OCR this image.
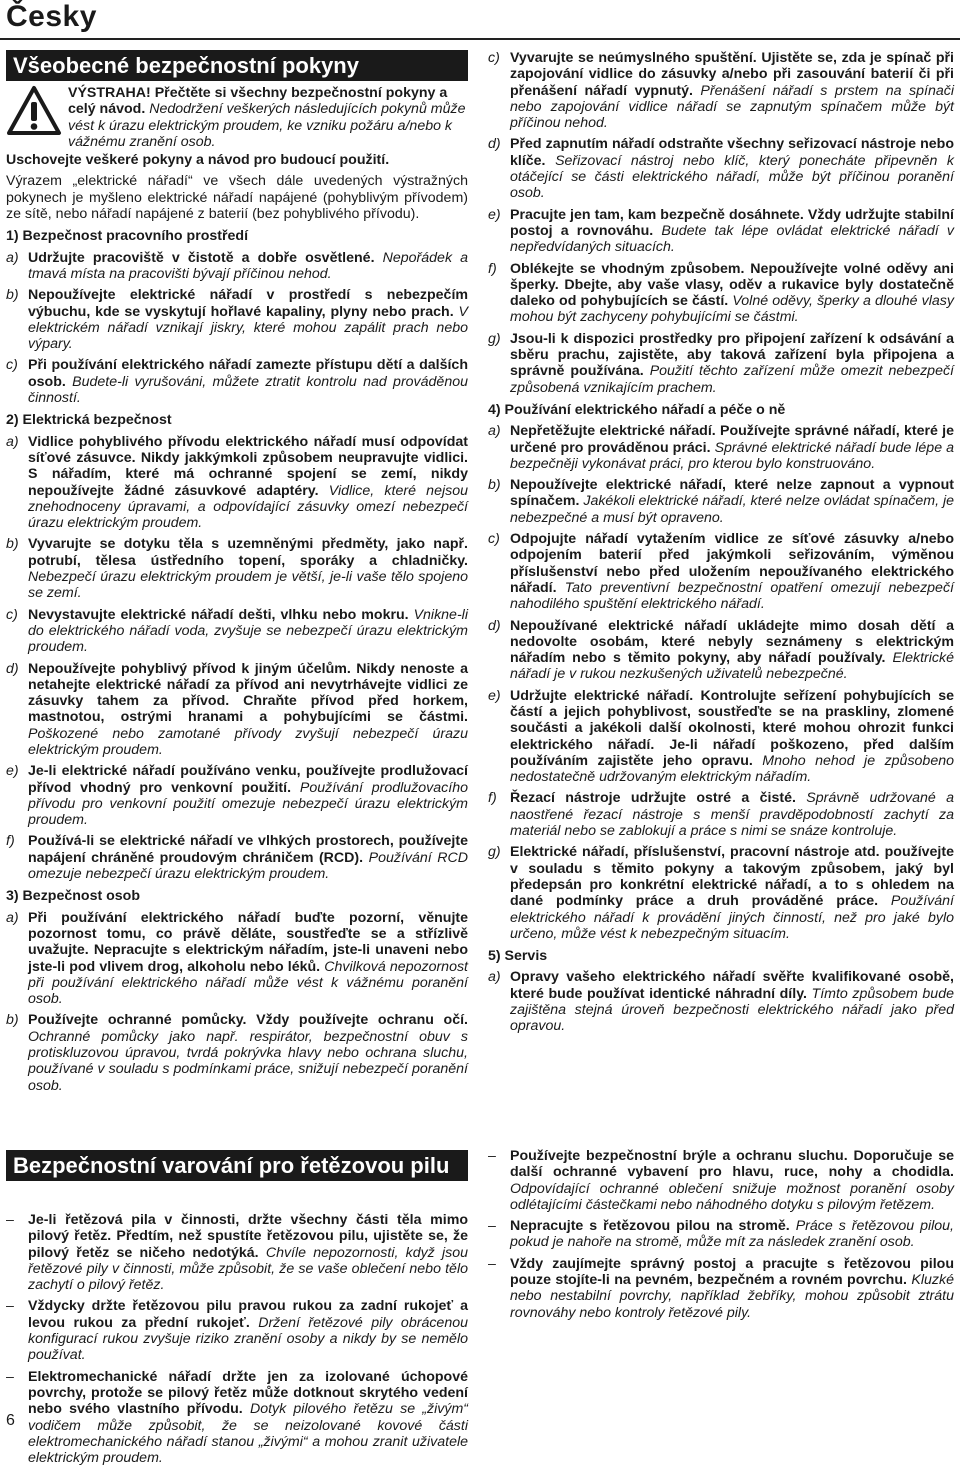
Česky
Všeobecné bezpečnostní pokyny
VÝSTRAHA! Přečtěte si všechny bezpečnostní pokyny a celý návod. Nedodržení veškerých následujících pokynů může vést k úrazu elektrickým proudem, ke vzniku požáru a/nebo k vážnému zranění osob.

Uschovejte veškeré pokyny a návod pro budoucí použití.

Výrazem „elektrické nářadí“ ve všech dále uvedených výstražných pokynech je myšleno elektrické nářadí napájené (pohyblivým přívodem) ze sítě, nebo nářadí napájené z baterií (bez pohyblivého přívodu).

1) Bezpečnost pracovního prostředí
a) Udržujte pracoviště v čistotě a dobře osvětlené. Nepořádek a tmavá místa na pracovišti bývají příčinou nehod.
b) Nepoužívejte elektrické nářadí v prostředí s nebezpečím výbuchu, kde se vyskytují hořlavé kapaliny, plyny nebo prach. V elektrickém nářadí vznikají jiskry, které mohou zapálit prach nebo výpary.
c) Při používání elektrického nářadí zamezte přístupu dětí a dalších osob. Budete-li vyrušováni, můžete ztratit kontrolu nad prováděnou činností.
2) Elektrická bezpečnost
a) Vidlice pohyblivého přívodu elektrického nářadí musí odpovídat síťové zásuvce. Nikdy jakkýmkoli způsobem neupravujte vidlici. S nářadím, které má ochranné spojení se zemí, nikdy nepoužívejte žádné zásuvkové adaptéry. Vidlice, které nejsou znehodnoceny úpravami, a odpovídající zásuvky omezí nebezpečí úrazu elektrickým proudem.
b) Vyvarujte se dotyku těla s uzemněnými předměty, jako např. potrubí, tělesa ústředního topení, sporáky a chladničky. Nebezpečí úrazu elektrickým proudem je větší, je-li vaše tělo spojeno se zemí.
c) Nevystavujte elektrické nářadí dešti, vlhku nebo mokru. Vnikne-li do elektrického nářadí voda, zvyšuje se nebezpečí úrazu elektrickým proudem.
d) Nepoužívejte pohyblivý přívod k jiným účelům. Nikdy nenoste a netahejte elektrické nářadí za přívod ani nevytrhávejte vidlici ze zásuvky tahem za přívod. Chraňte přívod před horkem, mastnotou, ostrými hranami a pohybujícími se částmi. Poškozené nebo zamotané přívody zvyšují nebezpečí úrazu elektrickým proudem.
e) Je-li elektrické nářadí používáno venku, používejte prodlužovací přívod vhodný pro venkovní použití. Používání prodlužovacího přívodu pro venkovní použití omezuje nebezpečí úrazu elektrickým proudem.
f) Používá-li se elektrické nářadí ve vlhkých prostorech, používejte napájení chráněné proudovým chráničem (RCD). Používání RCD omezuje nebezpečí úrazu elektrickým proudem.
3) Bezpečnost osob
a) Při používání elektrického nářadí buďte pozorní, věnujte pozornost tomu, co právě děláte, soustřeďte se a střízlivě uvažujte. Nepracujte s elektrickým nářadím, jste-li unaveni nebo jste-li pod vlivem drog, alkoholu nebo léků. Chvilková nepozornost při používání elektrického nářadí může vést k vážnému poranění osob.
b) Používejte ochranné pomůcky. Vždy používejte ochranu očí. Ochranné pomůcky jako např. respirátor, bezpečnostní obuv s protiskluzovou úpravou, tvrdá pokrývka hlavy nebo ochrana sluchu, používané v souladu s podmínkami práce, snižují nebezpečí poranění osob.
c) Vyvarujte se neúmyslného spuštění. Ujistěte se, zda je spínač při zapojování vidlice do zásuvky a/nebo při zasouvání baterií či při přenášení nářadí vypnutý. Přenášení nářadí s prstem na spínači nebo zapojování vidlice nářadí se zapnutým spínačem může být příčinou nehod.
d) Před zapnutím nářadí odstraňte všechny seřizovací nástroje nebo klíče. Seřizovací nástroj nebo klíč, který ponecháte připevněn k otáčející se části elektrického nářadí, může být příčinou poranění osob.
e) Pracujte jen tam, kam bezpečně dosáhnete. Vždy udržujte stabilní postoj a rovnováhu. Budete tak lépe ovládat elektrické nářadí v nepředvídaných situacích.
f) Oblékejte se vhodným způsobem. Nepoužívejte volné oděvy ani šperky. Dbejte, aby vaše vlasy, oděv a rukavice byly dostatečně daleko od pohybujících se částí. Volné oděvy, šperky a dlouhé vlasy mohou být zachyceny pohybujícími se částmi.
g) Jsou-li k dispozici prostředky pro připojení zařízení k odsávání a sběru prachu, zajistěte, aby taková zařízení byla připojena a správně používána. Použití těchto zařízení může omezit nebezpečí způsobená vznikajícím prachem.
4) Používání elektrického nářadí a péče o ně
a) Nepřetěžujte elektrické nářadí. Používejte správné nářadí, které je určené pro prováděnou práci. Správné elektrické nářadí bude lépe a bezpečněji vykonávat práci, pro kterou bylo konstruováno.
b) Nepoužívejte elektrické nářadí, které nelze zapnout a vypnout spínačem. Jakékoli elektrické nářadí, které nelze ovládat spínačem, je nebezpečné a musí být opraveno.
c) Odpojujte nářadí vytažením vidlice ze síťové zásuvky a/nebo odpojením baterií před jakýmkoli seřizováním, výměnou příslušenství nebo před uložením nepoužívaného elektrického nářadí. Tato preventivní bezpečnostní opatření omezují nebezpečí nahodilého spuštění elektrického nářadí.
d) Nepoužívané elektrické nářadí ukládejte mimo dosah dětí a nedovolte osobám, které nebyly seznámeny s elektrickým nářadím nebo s těmito pokyny, aby nářadí používaly. Elektrické nářadí je v rukou nezkušených uživatelů nebezpečné.
e) Udržujte elektrické nářadí. Kontrolujte seřízení pohybujících se částí a jejich pohyblivost, soustřeďte se na praskliny, zlomené součásti a jakékoli další okolnosti, které mohou ohrozit funkci elektrického nářadí. Je-li nářadí poškozeno, před dalším používáním zajistěte jeho opravu. Mnoho nehod je způsobeno nedostatečně udržovaným elektrickým nářadím.
f) Řezací nástroje udržujte ostré a čisté. Správně udržované a naostřené řezací nástroje s menší pravděpodobností zachytí za materiál nebo se zablokují a práce s nimi se snáze kontroluje.
g) Elektrické nářadí, příslušenství, pracovní nástroje atd. používejte v souladu s těmito pokyny a takovým způsobem, jaký byl předepsán pro konkrétní elektrické nářadí, a to s ohledem na dané podmínky práce a druh prováděné práce. Používání elektrického nářadí k provádění jiných činností, než pro jaké bylo určeno, může vést k nebezpečným situacím.
5) Servis
a) Opravy vašeho elektrického nářadí svěřte kvalifikované osobě, které bude používat identické náhradní díly. Tímto způsobem bude zajištěna stejná úroveň bezpečnosti elektrického nářadí jako před opravou.
Bezpečnostní varování pro řetězovou pilu
– Je-li řetězová pila v činnosti, držte všechny části těla mimo pilový řetěz. Předtím, než spustíte řetězovou pilu, ujistěte se, že pilový řetěz se ničeho nedotýká. Chvíle nepozornosti, když jsou řetězové pily v činnosti, může způsobit, že se vaše oblečení nebo tělo zachytí o pilový řetěz.
– Vždycky držte řetězovou pilu pravou rukou za zadní rukojeť a levou rukou za přední rukojeť. Držení řetězové pily obrácenou konfigurací rukou zvyšuje riziko zranění osoby a nikdy by se nemělo používat.
– Elektromechanické nářadí držte jen za izolované úchopové povrchy, protože se pilový řetěz může dotknout skrytého vedení nebo svého vlastního přívodu. Dotyk pilového řetězu se „živým“ vodičem může způsobit, že se neizolované kovové části elektromechanického nářadí stanou „živými“ a mohou zranit uživatele elektrickým proudem.
– Používejte bezpečnostní brýle a ochranu sluchu. Doporučuje se další ochranné vybavení pro hlavu, ruce, nohy a chodidla. Odpovídající ochranné oblečení snižuje možnost poranění osoby odlétajícími částečkami nebo náhodného dotyku s pilovým řetězem.
– Nepracujte s řetězovou pilou na stromě. Práce s řetězovou pilou, pokud je nahoře na stromě, může mít za následek zranění osob.
– Vždy zaujímejte správný postoj a pracujte s řetězovou pilou pouze stojíte-li na pevném, bezpečném a rovném povrchu. Kluzké nebo nestabilní povrchy, například žebříky, mohou způsobit ztrátu rovnováhy nebo kontroly řetězové pily.
6
